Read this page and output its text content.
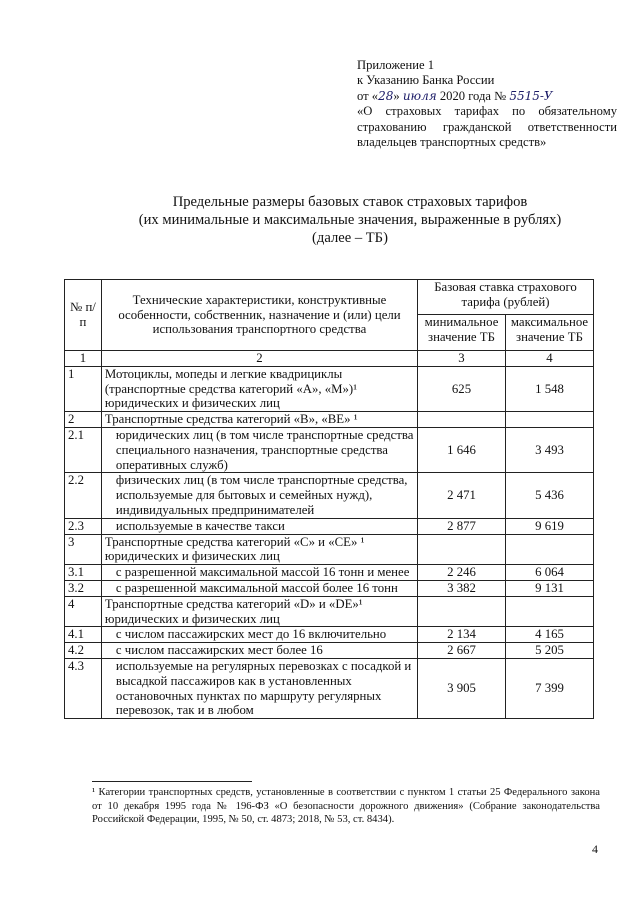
Приложение 1
к Указанию Банка России
от «28» июля 2020 года № 5515-У
«О страховых тарифах по обязательному страхованию гражданской ответственности владельцев транспортных средств»
Предельные размеры базовых ставок страховых тарифов
(их минимальные и максимальные значения, выраженные в рублях)
(далее – ТБ)
№ п/п	Технические характеристики, конструктивные особенности, собственник, назначение и (или) цели использования транспортного средства	Базовая ставка страхового тарифа (рублей)	
		минимальное значение ТБ	максимальное значение ТБ
1	2	3	4
1	Мотоциклы, мопеды и легкие квадрициклы (транспортные средства категорий «A», «M»)¹ юридических и физических лиц	625	1 548
2	Транспортные средства категорий «B», «BE» ¹		
2.1	юридических лиц (в том числе транспортные средства специального назначения, транспортные средства оперативных служб)	1 646	3 493
2.2	физических лиц (в том числе транспортные средства, используемые для бытовых и семейных нужд), индивидуальных предпринимателей	2 471	5 436
2.3	используемые в качестве такси	2 877	9 619
3	Транспортные средства категорий «C» и «CE» ¹ юридических и физических лиц		
3.1	с разрешенной максимальной массой 16 тонн и менее	2 246	6 064
3.2	с разрешенной максимальной массой более 16 тонн	3 382	9 131
4	Транспортные средства категорий «D» и «DE»¹ юридических и физических лиц		
4.1	с числом пассажирских мест до 16 включительно	2 134	4 165
4.2	с числом пассажирских мест более 16	2 667	5 205
4.3	используемые на регулярных перевозках с посадкой и высадкой пассажиров как в установленных остановочных пунктах по маршруту регулярных перевозок, так и в любом	3 905	7 399
¹ Категории транспортных средств, установленные в соответствии с пунктом 1 статьи 25 Федерального закона от 10 декабря 1995 года № 196-ФЗ «О безопасности дорожного движения» (Собрание законодательства Российской Федерации, 1995, № 50, ст. 4873; 2018, № 53, ст. 8434).
4
